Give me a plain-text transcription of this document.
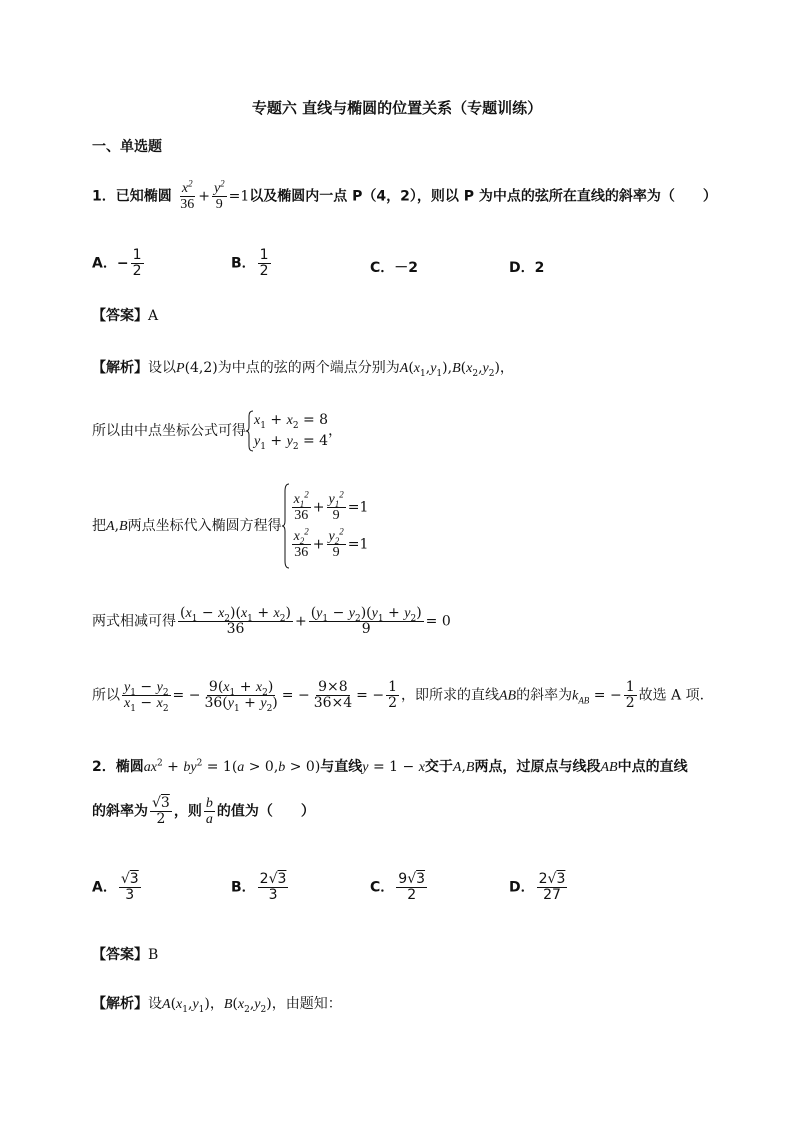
专题六 直线与椭圆的位置关系（专题训练）
一、单选题
1．已知椭圆 $\frac{x^2}{36} + \frac{y^2}{9} =1$以及椭圆内一点 P（4，2），则以 P 为中点的弦所在直线的斜率为（　　）
A．− $\frac{1}{2}$	B． $\frac{1}{2}$	C．－2	D．2
【答案】A
【解析】设以P(4,2)为中点的弦的两个端点分别为$A(x_1,y_1),B(x_2,y_2)$，
所以由中点坐标公式可得
$x_1 + x_2 = 8$
$y_1 + y_2 = 4$
，
把A,B两点坐标代入椭圆方程得
$\frac{x_1^2}{36} + \frac{y_1^2}{9} =1$
$\frac{x_2^2}{36} + \frac{y_2^2}{9} =1$
两式相减可得 $\frac{(x_1 - x_2)(x_1 + x_2)}{36} + \frac{(y_1 - y_2)(y_1 + y_2)}{9} = 0$
所以 $\frac{y_1 - y_2}{x_1 - x_2}$ = − $\frac{9(x_1 + x_2)}{36(y_1 + y_2)}$ = − $\frac{9\times 8}{36\times 4}$ = − $\frac{1}{2}$ ，即所求的直线AB的斜率为$k_{AB}$ = − $\frac{1}{2}$ 故选 A 项.
2．椭圆$ax^2 + by^2 = 1(a > 0,b > 0)$与直线y = 1 − x交于A,B两点，过原点与线段AB中点的直线
的斜率为 $\frac{√3}{2}$ ，则 $\frac{b}{a}$ 的值为（　　）
A． $\frac{√3}{3}$	B． $\frac{2√3}{3}$	C． $\frac{9√3}{2}$	D． $\frac{2√3}{27}$
【答案】B
【解析】设$A(x_1,y_1)$，$B(x_2,y_2)$，由题知：
